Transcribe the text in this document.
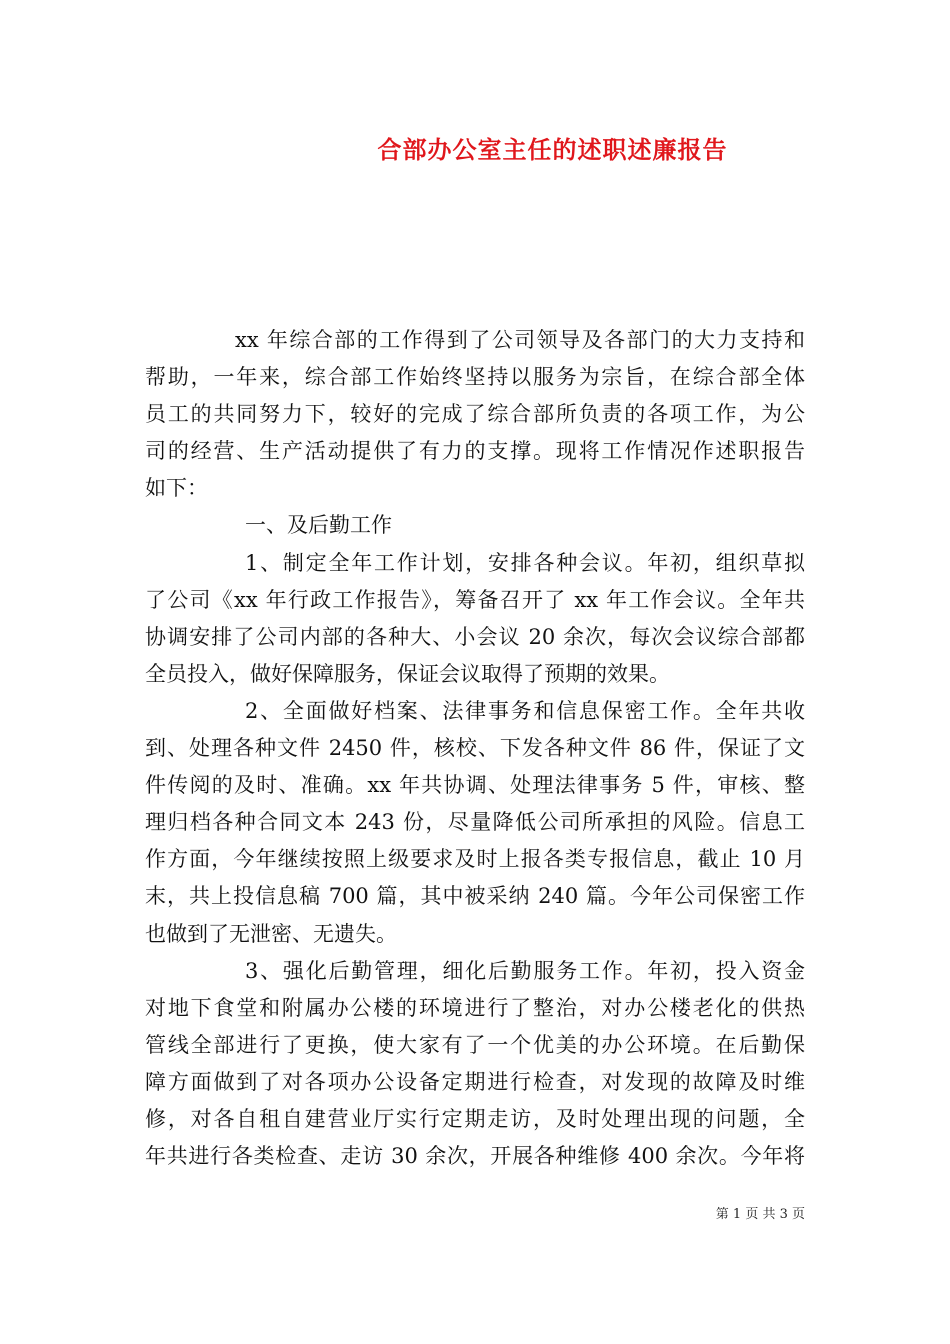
合部办公室主任的述职述廉报告
xx 年综合部的工作得到了公司领导及各部门的大力支持和
帮助，一年来，综合部工作始终坚持以服务为宗旨，在综合部全体
员工的共同努力下，较好的完成了综合部所负责的各项工作，为公
司的经营、生产活动提供了有力的支撑。现将工作情况作述职报告
如下：
一、及后勤工作
1、制定全年工作计划，安排各种会议。年初，组织草拟
了公司《xx 年行政工作报告》，筹备召开了 xx 年工作会议。全年共
协调安排了公司内部的各种大、小会议 20 余次，每次会议综合部都
全员投入，做好保障服务，保证会议取得了预期的效果。
2、全面做好档案、法律事务和信息保密工作。全年共收
到、处理各种文件 2450 件，核校、下发各种文件 86 件，保证了文
件传阅的及时、准确。xx 年共协调、处理法律事务 5 件，审核、整
理归档各种合同文本 243 份，尽量降低公司所承担的风险。信息工
作方面，今年继续按照上级要求及时上报各类专报信息，截止 10 月
末，共上投信息稿 700 篇，其中被采纳 240 篇。今年公司保密工作
也做到了无泄密、无遗失。
3、强化后勤管理，细化后勤服务工作。年初，投入资金
对地下食堂和附属办公楼的环境进行了整治，对办公楼老化的供热
管线全部进行了更换，使大家有了一个优美的办公环境。在后勤保
障方面做到了对各项办公设备定期进行检查，对发现的故障及时维
修，对各自租自建营业厅实行定期走访，及时处理出现的问题，全
年共进行各类检查、走访 30 余次，开展各种维修 400 余次。今年将
第 1 页 共 3 页
